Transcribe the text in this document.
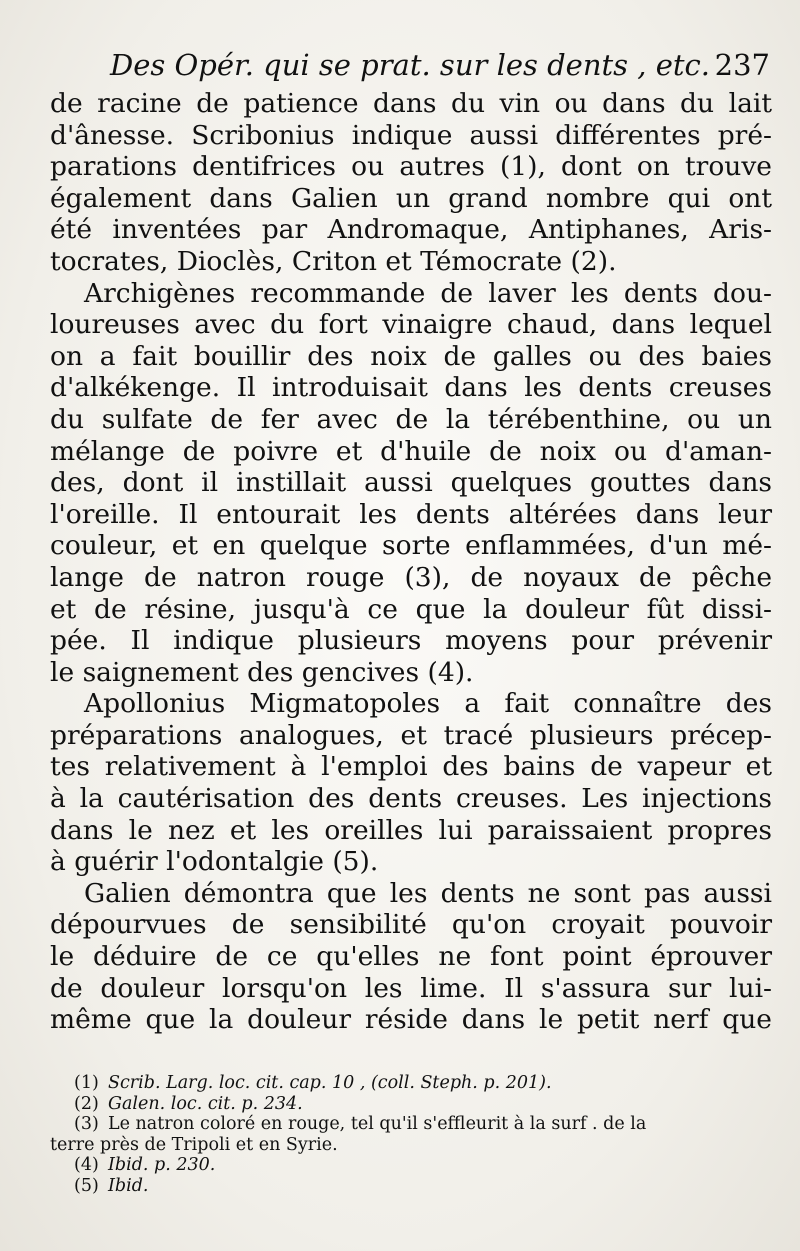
Des Opér. qui se prat. sur les dents , etc. 237
de racine de patience dans du vin ou dans du lait
d'ânesse. Scribonius indique aussi différentes pré-
parations dentifrices ou autres (1), dont on trouve
également dans Galien un grand nombre qui ont
été inventées par Andromaque, Antiphanes, Aris-
tocrates, Dioclès, Criton et Témocrate (2).
Archigènes recommande de laver les dents dou-
loureuses avec du fort vinaigre chaud, dans lequel
on a fait bouillir des noix de galles ou des baies
d'alkékenge. Il introduisait dans les dents creuses
du sulfate de fer avec de la térébenthine, ou un
mélange de poivre et d'huile de noix ou d'aman-
des, dont il instillait aussi quelques gouttes dans
l'oreille. Il entourait les dents altérées dans leur
couleur, et en quelque sorte enflammées, d'un mé-
lange de natron rouge (3), de noyaux de pêche
et de résine, jusqu'à ce que la douleur fût dissi-
pée. Il indique plusieurs moyens pour prévenir
le saignement des gencives (4).
Apollonius Migmatopoles a fait connaître des
préparations analogues, et tracé plusieurs précep-
tes relativement à l'emploi des bains de vapeur et
à la cautérisation des dents creuses. Les injections
dans le nez et les oreilles lui paraissaient propres
à guérir l'odontalgie (5).
Galien démontra que les dents ne sont pas aussi
dépourvues de sensibilité qu'on croyait pouvoir
le déduire de ce qu'elles ne font point éprouver
de douleur lorsqu'on les lime. Il s'assura sur lui-
même que la douleur réside dans le petit nerf que
(1) Scrib. Larg. loc. cit. cap. 10 , (coll. Steph. p. 201).
(2) Galen. loc. cit. p. 234.
(3) Le natron coloré en rouge, tel qu'il s'effleurit à la surf . de la
terre près de Tripoli et en Syrie.
(4) Ibid. p. 230.
(5) Ibid.
